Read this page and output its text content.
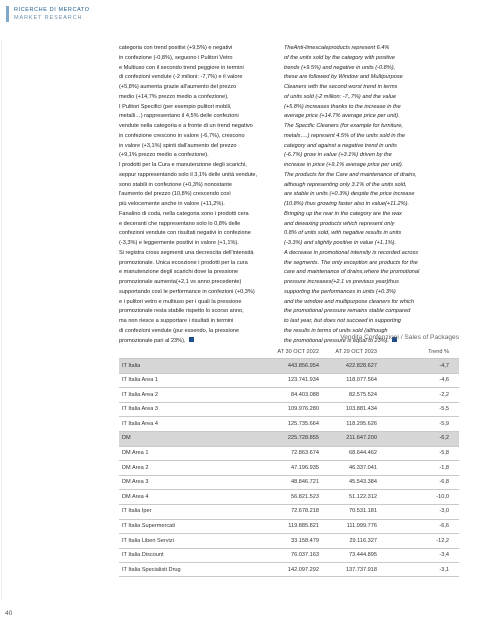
RICERCHE DI MERCATO
MARKET RESEARCH

categoria con trend positivi (+9,5%) e negativi

in confezione (-0,8%), seguono i Pulitori Vetro

e Multiuso con il secondo trend peggiore in termini

di confezioni vendute (-2 milioni: -7,7%) e il valore

(+5,8%) aumenta grazie all'aumento del prezzo

medio (+14,7% prezzo medio a confezione).

I Pulitori Specifici (per esempio pulitori mobili,

metalli…) rappresentano il 4,5% delle confezioni

vendute nella categoria e a fronte di un trend negativo

in confezione crescono in valore (-6,7%), crescono

in valore (+3,1%) spinti dall'aumento del prezzo

(+9,1% prezzo medio a confezione).

I prodotti per la Cura e manutenzione degli scarichi,

seppur rappresentando solo il 3,1% delle unità vendute,

sono stabili in confezione (+0,3%) nonostante

l'aumento del prezzo (10,8%) crescendo così

più velocemente anche in valore (+11,2%).

Fanalino di coda, nella categoria sono i prodotti cera

e deceranti che rappresentano solo lo 0,8% delle

confezioni vendute con risultati negativi in confezione

(-3,3%) e leggermente positivi in valore (+1,1%).

Si registra cross segmenti una decrescita dell'intensità

promozionale. Unica eccezione i prodotti per la cura

e manutenzione degli scarichi dove la pressione

promozionale aumenta(+2,1 vs anno precedente)

supportando così le performance in confezioni (+0,3%)

e i pulitori vetro e multiuso per i quali la pressione

promozionale resta stabile rispetto lo scorso anno,

ma non riesce a supportare i risultati in termini

di confezioni vendute (pur essendo, la pressione

promozionale pari al 23%).

TheAnti-limescaleproducts represent 6.4%

of the units sold by the category with positive

trends (+9.5%) and negative in units (-0.8%),

these are followed by Window and Multipurpose

Cleaners with the second worst trend in terms

of units sold (-2 million: -7,.7%) and the value

(+5.8%) increases thanks to the increase in the

average price (+14.7% average price per unit).

The Specific Cleaners (for example for furniture,

metals….) represent 4.5% of the units sold in the

category and against a negative trend in units

(-6.7%) grow in value (+3.1%) driven by the

increase in price (+9.1% average price per unit).

The products for the Care and maintenance of drains,

although representing only 3.1% of the units sold,

are stable in units (+0.3%) despite the price increase

(10.8%) thus growing faster also in value(+11.2%).

Bringing up the rear in the category are the wax

and dewaxing products which represent only

0.8% of units sold, with negative results in units

(-3.3%) and slightly positive in value (+1.1%).

A decrease in promotional intensity is recorded across

the segments. The only exception are products for the

care and maintenance of drains,where the promotional

pressure increases(+2.1 vs previous year)thus

supporting the performances in units (+0.3%)

and the window and multipurpose cleaners for which

the promotional pressure remains stable compared

to last year, but does not succeed in supporting

the results in terms of units sold (although

the promotional pressure is equal to 23%).

Vendita Confenzioni / Sales of Packages
AT 30 OCT 2022	AT 29 OCT 2023	Trend %
IT Italia	443.856.954	422.828.627	-4,7
IT Italia Area 1	123.741.934	118.077.564	-4,6
IT Italia Area 2	84.403.088	82.575.524	-2,2
IT Italia Area 3	109.976.280	103.881.434	-5,5
IT Italia Area 4	125.735.664	118.295.626	-5,9
DM	225.728.855	211.647.200	-6,2
DM Area 1	72.863.674	68.644.462	-5,8
DM Area 2	47.196.935	46.337.041	-1,8
DM Area 3	48.846.721	45.543.384	-6,8
DM Area 4	56.821.523	51.122.312	-10,0
IT Italia Iper	72.678.218	70.531.181	-3,0
IT Italia Supermercati	119.885.821	111.999.776	-6,6
IT Italia Liberi Servizi	33.158.479	29.116.327	-12,2
IT Italia Discount	76.037.163	73.444.895	-3,4
IT Italia Specialisti Drug	142.097.292	137.737.918	-3,1
40
